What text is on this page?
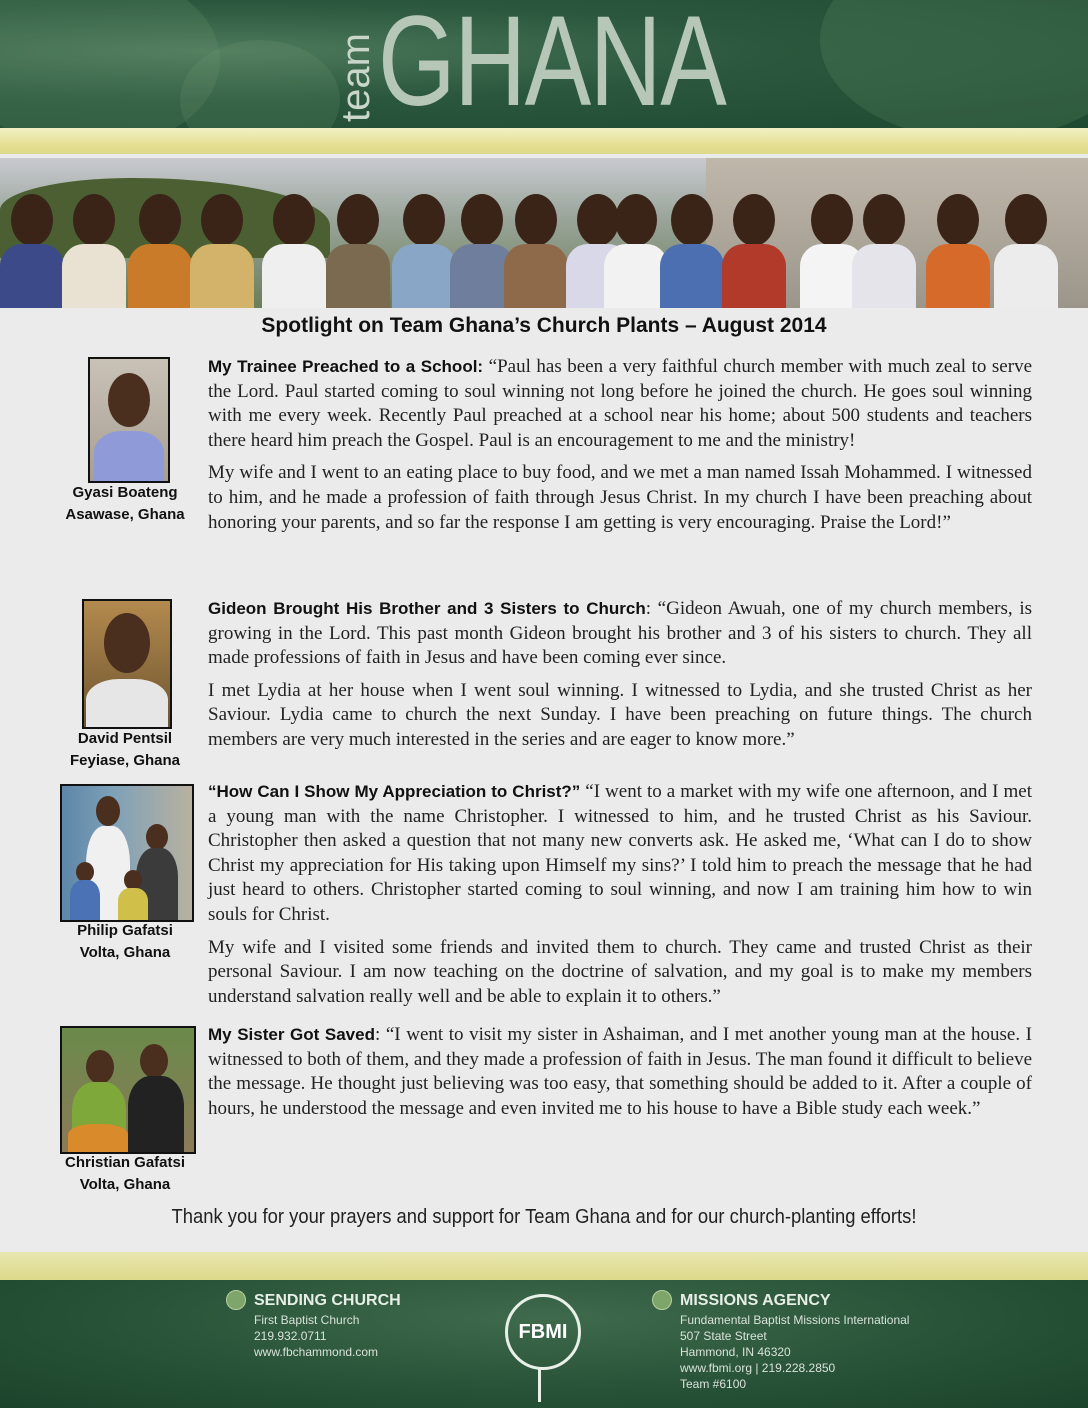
team GHANA
Spotlight on Team Ghana’s Church Plants – August 2014
Gyasi Boateng
Asawase, Ghana

My Trainee Preached to a School: “Paul has been a very faithful church member with much zeal to serve the Lord. Paul started coming to soul winning not long before he joined the church. He goes soul winning with me every week. Recently Paul preached at a school near his home; about 500 students and teachers there heard him preach the Gospel. Paul is an encouragement to me and the ministry!

My wife and I went to an eating place to buy food, and we met a man named Issah Mohammed. I witnessed to him, and he made a profession of faith through Jesus Christ. In my church I have been preaching about honoring your parents, and so far the response I am getting is very encouraging. Praise the Lord!”

David Pentsil
Feyiase, Ghana

Gideon Brought His Brother and 3 Sisters to Church: “Gideon Awuah, one of my church members, is growing in the Lord. This past month Gideon brought his brother and 3 of his sisters to church. They all made professions of faith in Jesus and have been coming ever since.

I met Lydia at her house when I went soul winning. I witnessed to Lydia, and she trusted Christ as her Saviour. Lydia came to church the next Sunday. I have been preaching on future things. The church members are very much interested in the series and are eager to know more.”

Philip Gafatsi
Volta, Ghana

“How Can I Show My Appreciation to Christ?” “I went to a market with my wife one afternoon, and I met a young man with the name Christopher. I witnessed to him, and he trusted Christ as his Saviour. Christopher then asked a question that not many new converts ask. He asked me, ‘What can I do to show Christ my appreciation for His taking upon Himself my sins?’ I told him to preach the message that he had just heard to others. Christopher started coming to soul winning, and now I am training him how to win souls for Christ.

My wife and I visited some friends and invited them to church. They came and trusted Christ as their personal Saviour. I am now teaching on the doctrine of salvation, and my goal is to make my members understand salvation really well and be able to explain it to others.”

Christian Gafatsi
Volta, Ghana

My Sister Got Saved: “I went to visit my sister in Ashaiman, and I met another young man at the house. I witnessed to both of them, and they made a profession of faith in Jesus. The man found it difficult to believe the message. He thought just believing was too easy, that something should be added to it. After a couple of hours, he understood the message and even invited me to his house to have a Bible study each week.”

Thank you for your prayers and support for Team Ghana and for our church-planting efforts!
SENDING CHURCH
First Baptist Church
219.932.0711
www.fbchammond.com
FBMI
MISSIONS AGENCY
Fundamental Baptist Missions International
507 State Street
Hammond, IN 46320
www.fbmi.org | 219.228.2850
Team #6100
